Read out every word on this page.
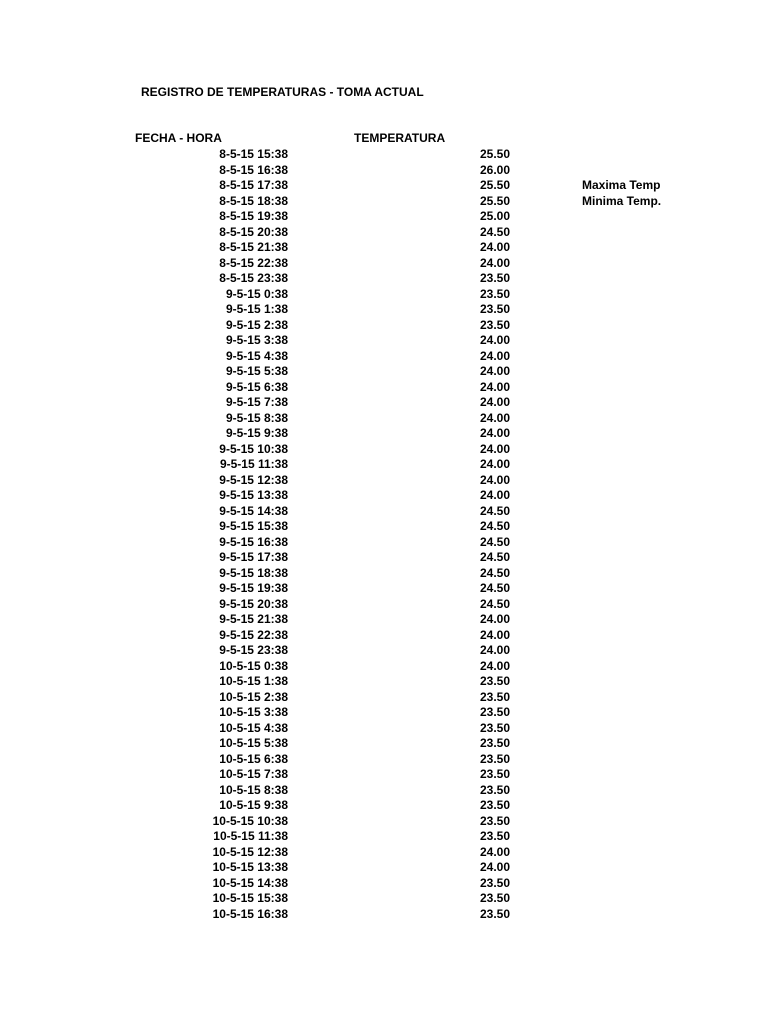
REGISTRO DE TEMPERATURAS - TOMA ACTUAL
FECHA - HORA	TEMPERATURA
8-5-15 15:38	25.50
8-5-15 16:38	26.00
8-5-15 17:38	25.50	Maxima Temp
8-5-15 18:38	25.50	Minima Temp.
8-5-15 19:38	25.00
8-5-15 20:38	24.50
8-5-15 21:38	24.00
8-5-15 22:38	24.00
8-5-15 23:38	23.50
9-5-15 0:38	23.50
9-5-15 1:38	23.50
9-5-15 2:38	23.50
9-5-15 3:38	24.00
9-5-15 4:38	24.00
9-5-15 5:38	24.00
9-5-15 6:38	24.00
9-5-15 7:38	24.00
9-5-15 8:38	24.00
9-5-15 9:38	24.00
9-5-15 10:38	24.00
9-5-15 11:38	24.00
9-5-15 12:38	24.00
9-5-15 13:38	24.00
9-5-15 14:38	24.50
9-5-15 15:38	24.50
9-5-15 16:38	24.50
9-5-15 17:38	24.50
9-5-15 18:38	24.50
9-5-15 19:38	24.50
9-5-15 20:38	24.50
9-5-15 21:38	24.00
9-5-15 22:38	24.00
9-5-15 23:38	24.00
10-5-15 0:38	24.00
10-5-15 1:38	23.50
10-5-15 2:38	23.50
10-5-15 3:38	23.50
10-5-15 4:38	23.50
10-5-15 5:38	23.50
10-5-15 6:38	23.50
10-5-15 7:38	23.50
10-5-15 8:38	23.50
10-5-15 9:38	23.50
10-5-15 10:38	23.50
10-5-15 11:38	23.50
10-5-15 12:38	24.00
10-5-15 13:38	24.00
10-5-15 14:38	23.50
10-5-15 15:38	23.50
10-5-15 16:38	23.50
